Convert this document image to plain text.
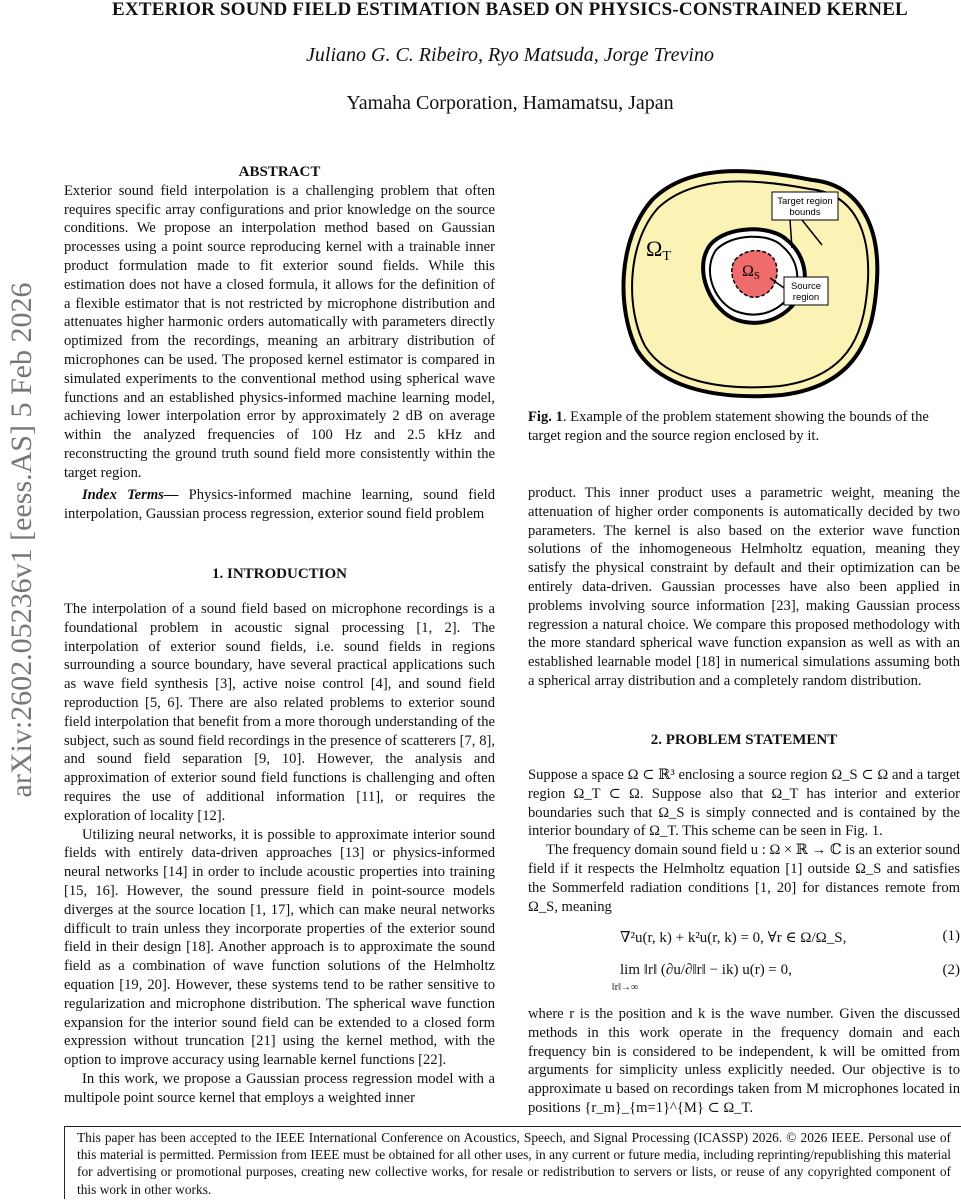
EXTERIOR SOUND FIELD ESTIMATION BASED ON PHYSICS-CONSTRAINED KERNEL
Juliano G. C. Ribeiro, Ryo Matsuda, Jorge Trevino
Yamaha Corporation, Hamamatsu, Japan
arXiv:2602.05236v1 [eess.AS] 5 Feb 2026
ABSTRACT

Exterior sound field interpolation is a challenging problem that often requires specific array configurations and prior knowledge on the source conditions. We propose an interpolation method based on Gaussian processes using a point source reproducing kernel with a trainable inner product formulation made to fit exterior sound fields. While this estimation does not have a closed formula, it allows for the definition of a flexible estimator that is not restricted by microphone distribution and attenuates higher harmonic orders automatically with parameters directly optimized from the recordings, meaning an arbitrary distribution of microphones can be used. The proposed kernel estimator is compared in simulated experiments to the conventional method using spherical wave functions and an established physics-informed machine learning model, achieving lower interpolation error by approximately 2 dB on average within the analyzed frequencies of 100 Hz and 2.5 kHz and reconstructing the ground truth sound field more consistently within the target region.

Index Terms— Physics-informed machine learning, sound field interpolation, Gaussian process regression, exterior sound field problem

1. INTRODUCTION

The interpolation of a sound field based on microphone recordings is a foundational problem in acoustic signal processing [1, 2]. The interpolation of exterior sound fields, i.e. sound fields in regions surrounding a source boundary, have several practical applications such as wave field synthesis [3], active noise control [4], and sound field reproduction [5, 6]. There are also related problems to exterior sound field interpolation that benefit from a more thorough understanding of the subject, such as sound field recordings in the presence of scatterers [7, 8], and sound field separation [9, 10]. However, the analysis and approximation of exterior sound field functions is challenging and often requires the use of additional information [11], or requires the exploration of locality [12].

Utilizing neural networks, it is possible to approximate interior sound fields with entirely data-driven approaches [13] or physics-informed neural networks [14] in order to include acoustic properties into training [15, 16]. However, the sound pressure field in point-source models diverges at the source location [1, 17], which can make neural networks difficult to train unless they incorporate properties of the exterior sound field in their design [18]. Another approach is to approximate the sound field as a combination of wave function solutions of the Helmholtz equation [19, 20]. However, these systems tend to be rather sensitive to regularization and microphone distribution. The spherical wave function expansion for the interior sound field can be extended to a closed form expression without truncation [21] using the kernel method, with the option to improve accuracy using learnable kernel functions [22].

In this work, we propose a Gaussian process regression model with a multipole point source kernel that employs a weighted inner

Target region
bounds
Source
region
ΩT
ΩS
Fig. 1. Example of the problem statement showing the bounds of the target region and the source region enclosed by it.

product. This inner product uses a parametric weight, meaning the attenuation of higher order components is automatically decided by two parameters. The kernel is also based on the exterior wave function solutions of the inhomogeneous Helmholtz equation, meaning they satisfy the physical constraint by default and their optimization can be entirely data-driven. Gaussian processes have also been applied in problems involving source information [23], making Gaussian process regression a natural choice. We compare this proposed methodology with the more standard spherical wave function expansion as well as with an established learnable model [18] in numerical simulations assuming both a spherical array distribution and a completely random distribution.

2. PROBLEM STATEMENT

Suppose a space Ω ⊂ ℝ³ enclosing a source region Ω_S ⊂ Ω and a target region Ω_T ⊂ Ω. Suppose also that Ω_T has interior and exterior boundaries such that Ω_S is simply connected and is contained by the interior boundary of Ω_T. This scheme can be seen in Fig. 1.

The frequency domain sound field u : Ω × ℝ → ℂ is an exterior sound field if it respects the Helmholtz equation [1] outside Ω_S and satisfies the Sommerfeld radiation conditions [1, 20] for distances remote from Ω_S, meaning

∇²u(r, k) + k²u(r, k) = 0, ∀r ∈ Ω/Ω_S,	(1)
lim ‖r‖ (∂u/∂‖r‖ − ik) u(r) = 0,
‖r‖→∞
(2)

where r is the position and k is the wave number. Given the discussed methods in this work operate in the frequency domain and each frequency bin is considered to be independent, k will be omitted from arguments for simplicity unless explicitly needed. Our objective is to approximate u based on recordings taken from M microphones located in positions {r_m}_{m=1}^{M} ⊂ Ω_T.

This paper has been accepted to the IEEE International Conference on Acoustics, Speech, and Signal Processing (ICASSP) 2026. © 2026 IEEE. Personal use of this material is permitted. Permission from IEEE must be obtained for all other uses, in any current or future media, including reprinting/republishing this material for advertising or promotional purposes, creating new collective works, for resale or redistribution to servers or lists, or reuse of any copyrighted component of this work in other works.
